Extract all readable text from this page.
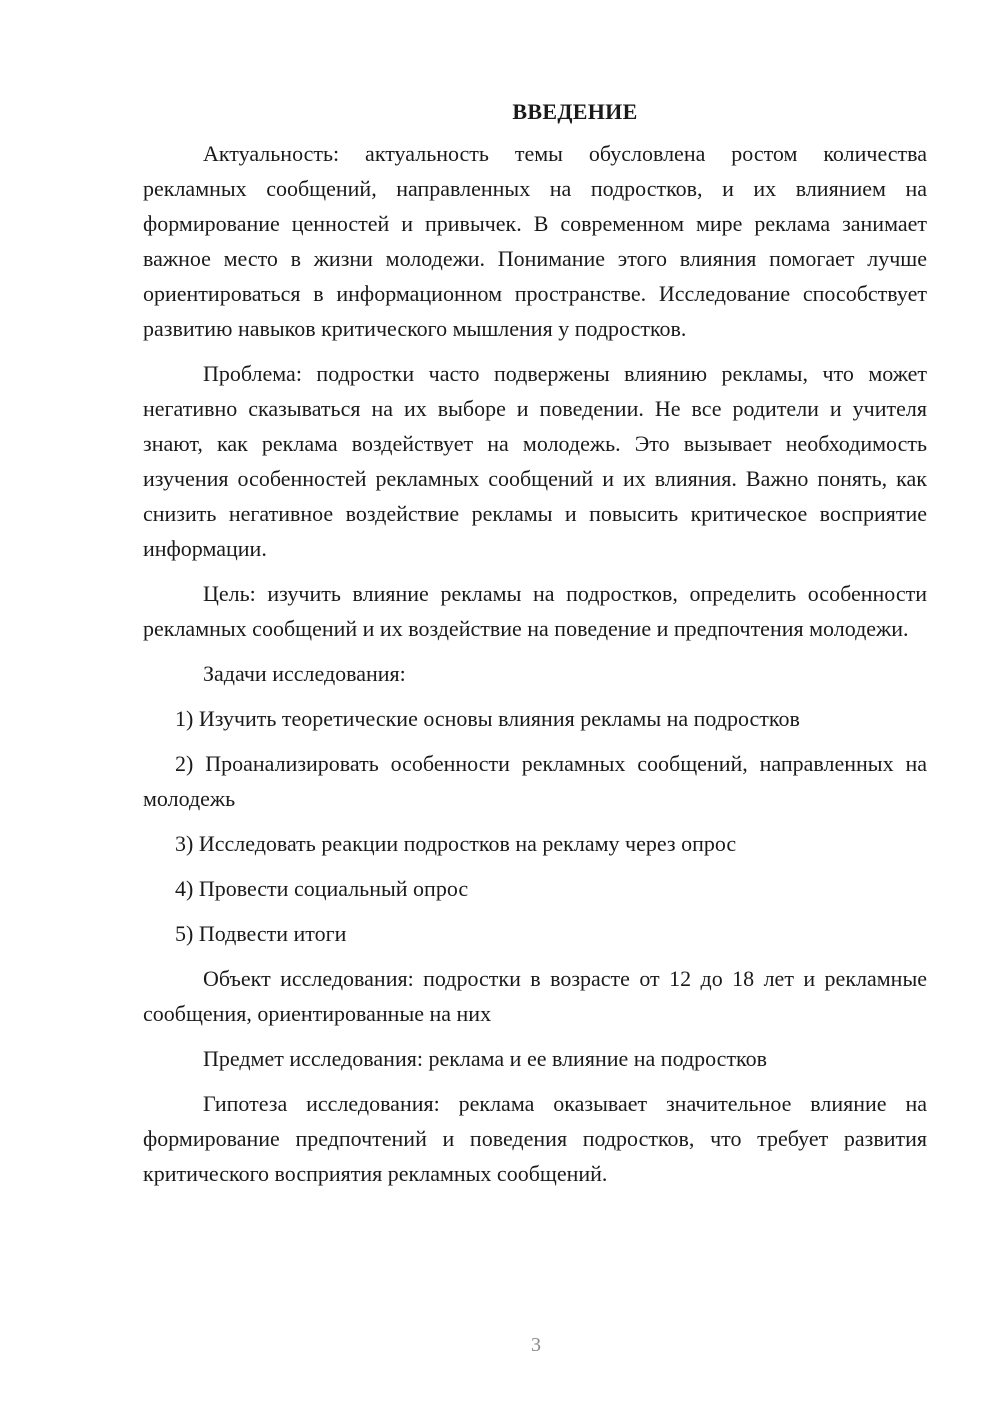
ВВЕДЕНИЕ

Актуальность: актуальность темы обусловлена ростом количества рекламных сообщений, направленных на подростков, и их влиянием на формирование ценностей и привычек. В современном мире реклама занимает важное место в жизни молодежи. Понимание этого влияния помогает лучше ориентироваться в информационном пространстве. Исследование способствует развитию навыков критического мышления у подростков.

Проблема: подростки часто подвержены влиянию рекламы, что может негативно сказываться на их выборе и поведении. Не все родители и учителя знают, как реклама воздействует на молодежь. Это вызывает необходимость изучения особенностей рекламных сообщений и их влияния. Важно понять, как снизить негативное воздействие рекламы и повысить критическое восприятие информации.

Цель: изучить влияние рекламы на подростков, определить особенности рекламных сообщений и их воздействие на поведение и предпочтения молодежи.

Задачи исследования:

1) Изучить теоретические основы влияния рекламы на подростков

2) Проанализировать особенности рекламных сообщений, направленных на молодежь

3) Исследовать реакции подростков на рекламу через опрос

4) Провести социальный опрос

5) Подвести итоги

Объект исследования: подростки в возрасте от 12 до 18 лет и рекламные сообщения, ориентированные на них

Предмет исследования: реклама и ее влияние на подростков

Гипотеза исследования: реклама оказывает значительное влияние на формирование предпочтений и поведения подростков, что требует развития критического восприятия рекламных сообщений.

3
